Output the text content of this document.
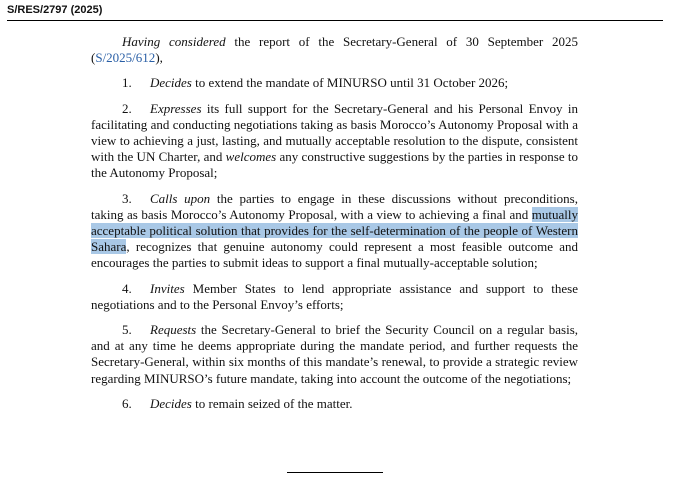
S/RES/2797 (2025)

Having considered the report of the Secretary-General of 30 September 2025 (S/2025/612),

1. Decides to extend the mandate of MINURSO until 31 October 2026;

2. Expresses its full support for the Secretary-General and his Personal Envoy in facilitating and conducting negotiations taking as basis Morocco’s Autonomy Proposal with a view to achieving a just, lasting, and mutually acceptable resolution to the dispute, consistent with the UN Charter, and welcomes any constructive suggestions by the parties in response to the Autonomy Proposal;

3. Calls upon the parties to engage in these discussions without preconditions, taking as basis Morocco’s Autonomy Proposal, with a view to achieving a final and mutually acceptable political solution that provides for the self-determination of the people of Western Sahara, recognizes that genuine autonomy could represent a most feasible outcome and encourages the parties to submit ideas to support a final mutually-acceptable solution;

4. Invites Member States to lend appropriate assistance and support to these negotiations and to the Personal Envoy’s efforts;

5. Requests the Secretary-General to brief the Security Council on a regular basis, and at any time he deems appropriate during the mandate period, and further requests the Secretary-General, within six months of this mandate’s renewal, to provide a strategic review regarding MINURSO’s future mandate, taking into account the outcome of the negotiations;

6. Decides to remain seized of the matter.
